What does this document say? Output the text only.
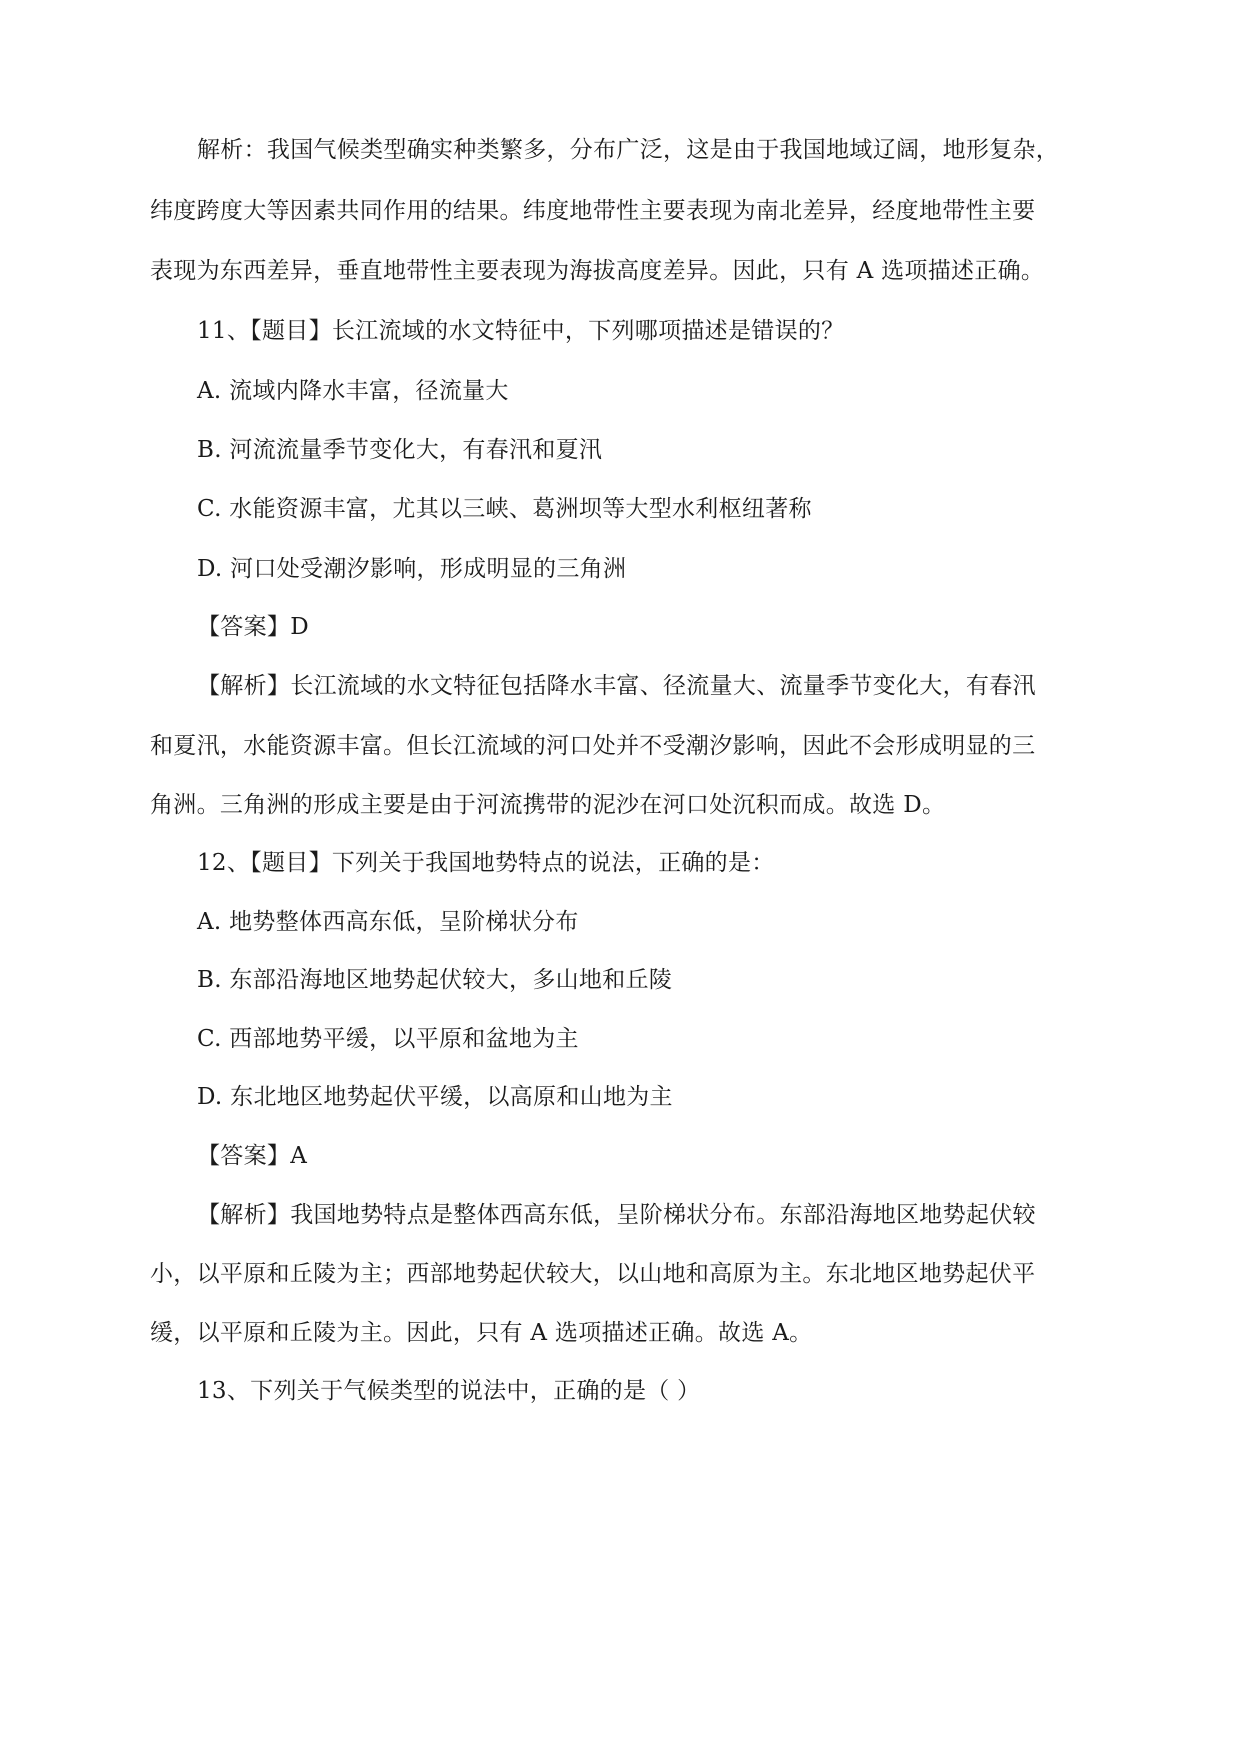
解析：我国气候类型确实种类繁多，分布广泛，这是由于我国地域辽阔，地形复杂，
纬度跨度大等因素共同作用的结果。纬度地带性主要表现为南北差异，经度地带性主要
表现为东西差异，垂直地带性主要表现为海拔高度差异。因此，只有 A 选项描述正确。
11、【题目】长江流域的水文特征中，下列哪项描述是错误的？
A. 流域内降水丰富，径流量大
B. 河流流量季节变化大，有春汛和夏汛
C. 水能资源丰富，尤其以三峡、葛洲坝等大型水利枢纽著称
D. 河口处受潮汐影响，形成明显的三角洲
【答案】D
【解析】长江流域的水文特征包括降水丰富、径流量大、流量季节变化大，有春汛
和夏汛，水能资源丰富。但长江流域的河口处并不受潮汐影响，因此不会形成明显的三
角洲。三角洲的形成主要是由于河流携带的泥沙在河口处沉积而成。故选 D。
12、【题目】下列关于我国地势特点的说法，正确的是：
A. 地势整体西高东低，呈阶梯状分布
B. 东部沿海地区地势起伏较大，多山地和丘陵
C. 西部地势平缓，以平原和盆地为主
D. 东北地区地势起伏平缓，以高原和山地为主
【答案】A
【解析】我国地势特点是整体西高东低，呈阶梯状分布。东部沿海地区地势起伏较
小，以平原和丘陵为主；西部地势起伏较大，以山地和高原为主。东北地区地势起伏平
缓，以平原和丘陵为主。因此，只有 A 选项描述正确。故选 A。
13、下列关于气候类型的说法中，正确的是（ ）
